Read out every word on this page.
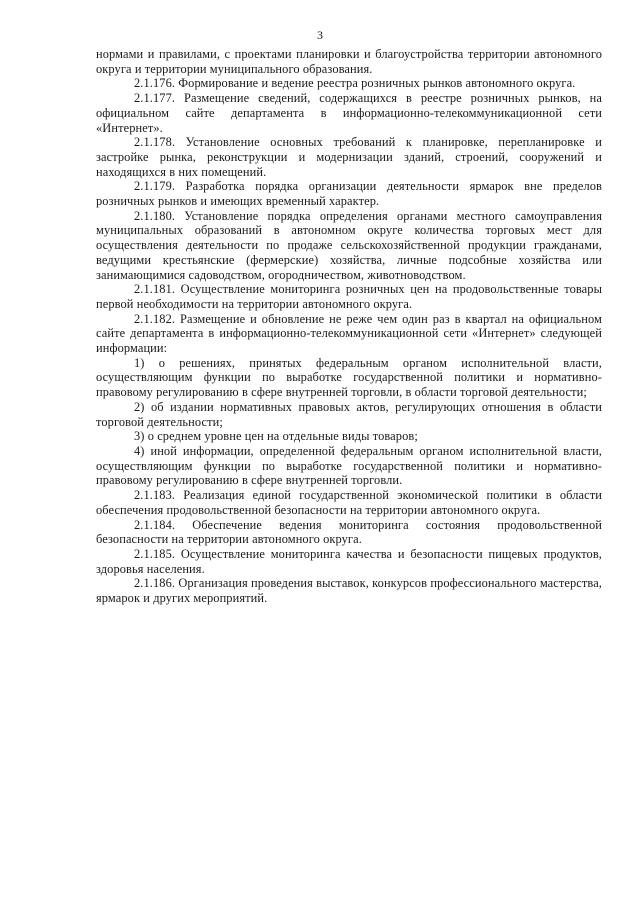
3

нормами и правилами, с проектами планировки и благоустройства территории автономного округа и территории муниципального образования.

2.1.176. Формирование и ведение реестра розничных рынков автономного округа.

2.1.177. Размещение сведений, содержащихся в реестре розничных рынков, на официальном сайте департамента в информационно-телекоммуникационной сети «Интернет».

2.1.178. Установление основных требований к планировке, перепланировке и застройке рынка, реконструкции и модернизации зданий, строений, сооружений и находящихся в них помещений.

2.1.179. Разработка порядка организации деятельности ярмарок вне пределов розничных рынков и имеющих временный характер.

2.1.180. Установление порядка определения органами местного самоуправления муниципальных образований в автономном округе количества торговых мест для осуществления деятельности по продаже сельскохозяйственной продукции гражданами, ведущими крестьянские (фермерские) хозяйства, личные подсобные хозяйства или занимающимися садоводством, огородничеством, животноводством.

2.1.181. Осуществление мониторинга розничных цен на продовольственные товары первой необходимости на территории автономного округа.

2.1.182. Размещение и обновление не реже чем один раз в квартал на официальном сайте департамента в информационно-телекоммуникационной сети «Интернет» следующей информации:

1) о решениях, принятых федеральным органом исполнительной власти, осуществляющим функции по выработке государственной политики и нормативно-правовому регулированию в сфере внутренней торговли, в области торговой деятельности;

2) об издании нормативных правовых актов, регулирующих отношения в области торговой деятельности;

3) о среднем уровне цен на отдельные виды товаров;

4) иной информации, определенной федеральным органом исполнительной власти, осуществляющим функции по выработке государственной политики и нормативно-правовому регулированию в сфере внутренней торговли.

2.1.183. Реализация единой государственной экономической политики в области обеспечения продовольственной безопасности на территории автономного округа.

2.1.184. Обеспечение ведения мониторинга состояния продовольственной безопасности на территории автономного округа.

2.1.185. Осуществление мониторинга качества и безопасности пищевых продуктов, здоровья населения.

2.1.186. Организация проведения выставок, конкурсов профессионального мастерства, ярмарок и других мероприятий.
